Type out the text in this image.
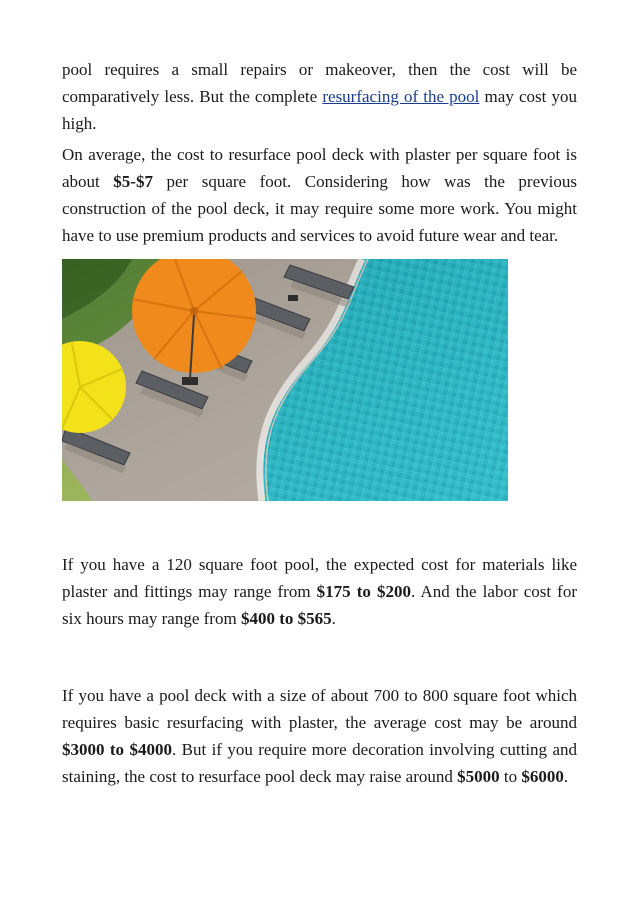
pool requires a small repairs or makeover, then the cost will be comparatively less. But the complete resurfacing of the pool may cost you high.

On average, the cost to resurface pool deck with plaster per square foot is about $5-$7 per square foot. Considering how was the previous construction of the pool deck, it may require some more work. You might have to use premium products and services to avoid future wear and tear.

If you have a 120 square foot pool, the expected cost for materials like plaster and fittings may range from $175 to $200. And the labor cost for six hours may range from $400 to $565.

If you have a pool deck with a size of about 700 to 800 square foot which requires basic resurfacing with plaster, the average cost may be around $3000 to $4000. But if you require more decoration involving cutting and staining, the cost to resurface pool deck may raise around $5000 to $6000.
